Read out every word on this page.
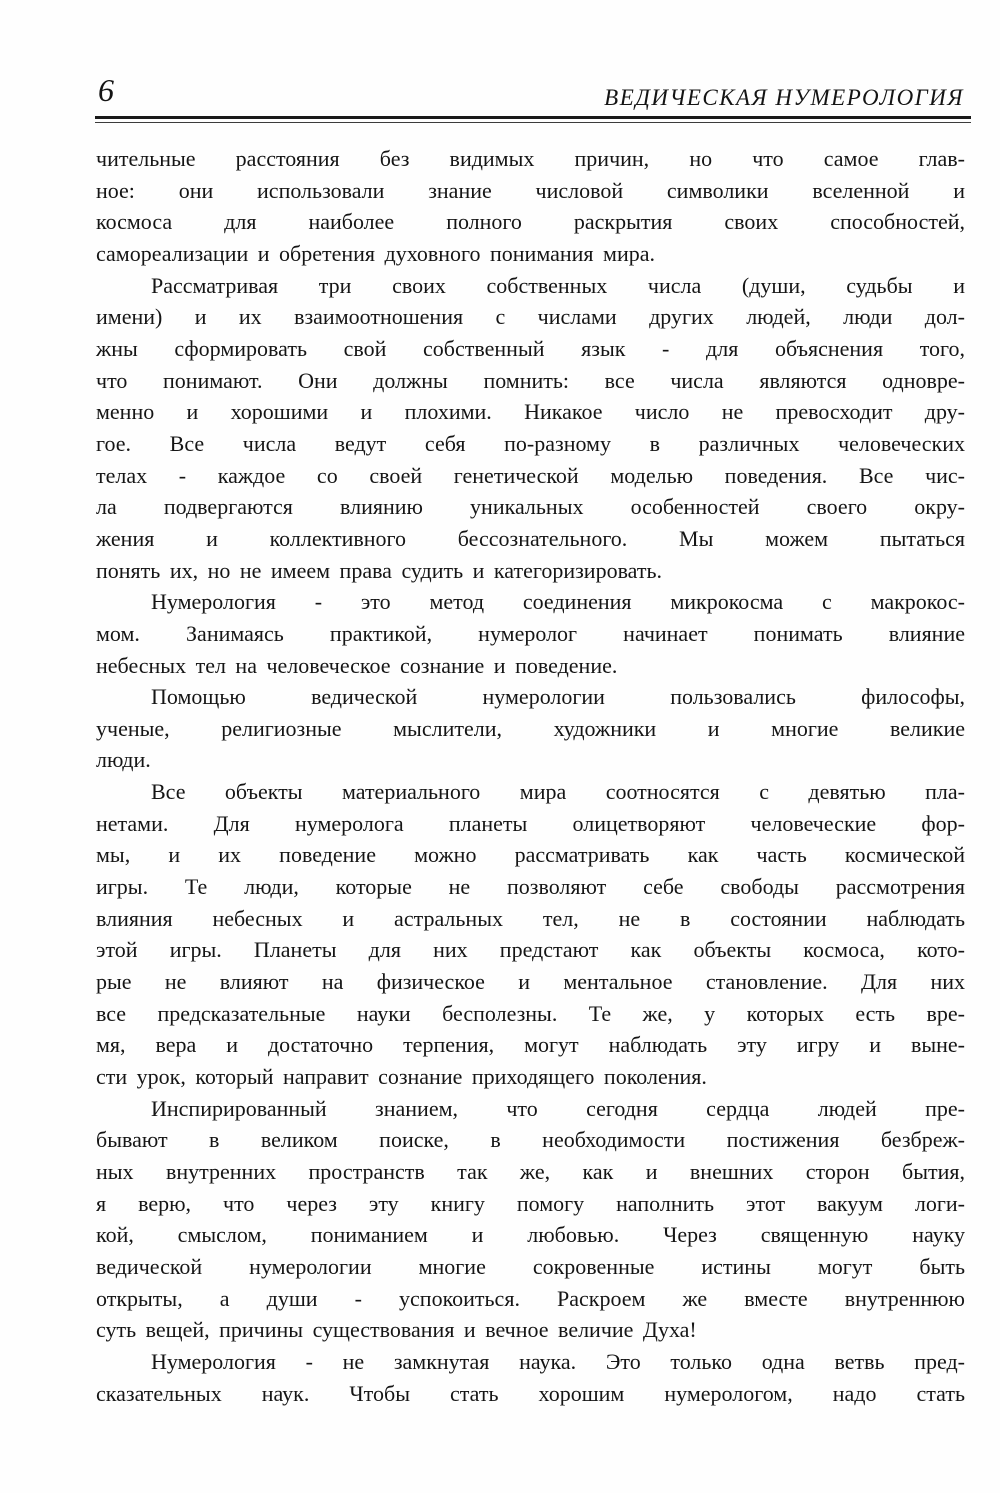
6	ВЕДИЧЕСКАЯ НУМЕРОЛОГИЯ
чительные расстояния без видимых причин, но что самое глав-
ное: они использовали знание числовой символики вселенной и
космоса для наиболее полного раскрытия своих способностей,
самореализации и обретения духовного понимания мира.
Рассматривая три своих собственных числа (души, судьбы и
имени) и их взаимоотношения с числами других людей, люди дол-
жны сформировать свой собственный язык - для объяснения того,
что понимают. Они должны помнить: все числа являются одновре-
менно и хорошими и плохими. Никакое число не превосходит дру-
гое. Все числа ведут себя по-разному в различных человеческих
телах - каждое со своей генетической моделью поведения. Все чис-
ла подвергаются влиянию уникальных особенностей своего окру-
жения и коллективного бессознательного. Мы можем пытаться
понять их, но не имеем права судить и категоризировать.
Нумерология - это метод соединения микрокосма с макрокос-
мом. Занимаясь практикой, нумеролог начинает понимать влияние
небесных тел на человеческое сознание и поведение.
Помощью ведической нумерологии пользовались философы,
ученые, религиозные мыслители, художники и многие великие
люди.
Все объекты материального мира соотносятся с девятью пла-
нетами. Для нумеролога планеты олицетворяют человеческие фор-
мы, и их поведение можно рассматривать как часть космической
игры. Те люди, которые не позволяют себе свободы рассмотрения
влияния небесных и астральных тел, не в состоянии наблюдать
этой игры. Планеты для них предстают как объекты космоса, кото-
рые не влияют на физическое и ментальное становление. Для них
все предсказательные науки бесполезны. Те же, у которых есть вре-
мя, вера и достаточно терпения, могут наблюдать эту игру и выне-
сти урок, который направит сознание приходящего поколения.
Инспирированный знанием, что сегодня сердца людей пре-
бывают в великом поиске, в необходимости постижения безбреж-
ных внутренних пространств так же, как и внешних сторон бытия,
я верю, что через эту книгу помогу наполнить этот вакуум логи-
кой, смыслом, пониманием и любовью. Через священную науку
ведической нумерологии многие сокровенные истины могут быть
открыты, а души - успокоиться. Раскроем же вместе внутреннюю
суть вещей, причины существования и вечное величие Духа!
Нумерология - не замкнутая наука. Это только одна ветвь пред-
сказательных наук. Чтобы стать хорошим нумерологом, надо стать
